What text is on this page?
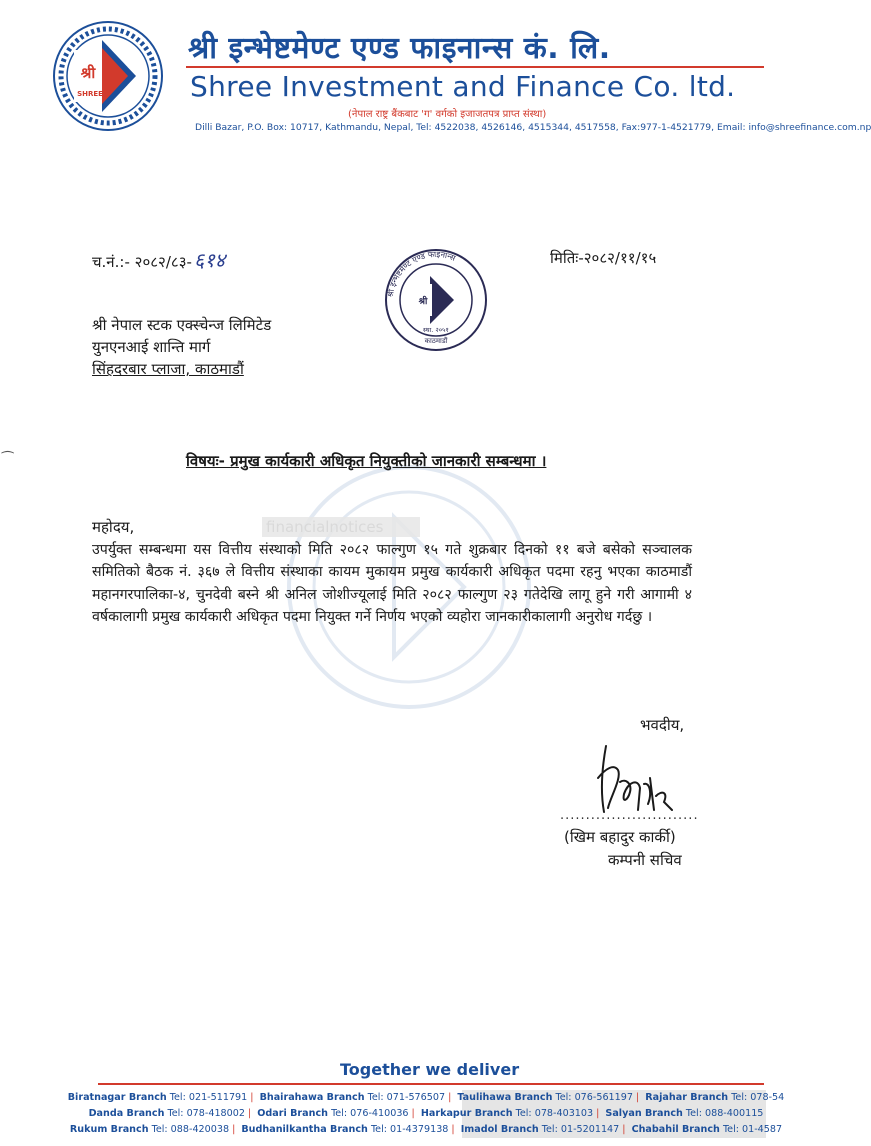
श्री
SHREE
श्री इन्भेष्टमेण्ट एण्ड फाइनान्स कं. लि.
Shree Investment and Finance Co. ltd.
(नेपाल राष्ट्र बैंकबाट 'ग' वर्गको इजाजतपत्र प्राप्त संस्था)
Dilli Bazar, P.O. Box: 10717, Kathmandu, Nepal, Tel: 4522038, 4526146, 4515344, 4517558, Fax:977-1-4521779, Email: info@shreefinance.com.np
च.नं.:- २०८२/८३- ६१४
श्री इन्भेष्टमेण्ट एण्ड फाइनान्स
श्री
स्था. २०५१
काठमाडौं
मितिः-२०८२/११/१५
श्री नेपाल स्टक एक्स्चेन्ज लिमिटेड
युनएनआई शान्ति मार्ग
सिंहदरबार प्लाजा, काठमाडौं
⁀	विषयः- प्रमुख कार्यकारी अधिकृत नियुक्तीको जानकारी सम्बन्धमा ।
महोदय,
उपर्युक्त सम्बन्धमा यस वित्तीय संस्थाको मिति २०८२ फाल्गुण १५ गते शुक्रबार दिनको ११ बजे बसेको सञ्चालक समितिको बैठक नं. ३६७ ले वित्तीय संस्थाका कायम मुकायम प्रमुख कार्यकारी अधिकृत पदमा रहनु भएका काठमाडौं महानगरपालिका-४, चुनदेवी बस्ने श्री अनिल जोशीज्यूलाई मिति २०८२ फाल्गुण २३ गतेदेखि लागू हुने गरी आगामी ४ वर्षकालागी प्रमुख कार्यकारी अधिकृत पदमा नियुक्त गर्ने निर्णय भएको व्यहोरा जानकारीकालागी अनुरोध गर्दछु ।
financialnotices
भवदीय,
...........................
(खिम बहादुर कार्की)
कम्पनी सचिव
Together we deliver
Biratnagar Branch Tel: 021-511791 | Bhairahawa Branch Tel: 071-576507 | Taulihawa Branch Tel: 076-561197 | Rajahar Branch Tel: 078-54
Danda Branch Tel: 078-418002 | Odari Branch Tel: 076-410036 | Harkapur Branch Tel: 078-403103 | Salyan Branch Tel: 088-400115
Rukum Branch Tel: 088-420038 | Budhanilkantha Branch Tel: 01-4379138 | Imadol Branch Tel: 01-5201147 | Chabahil Branch Tel: 01-4587
